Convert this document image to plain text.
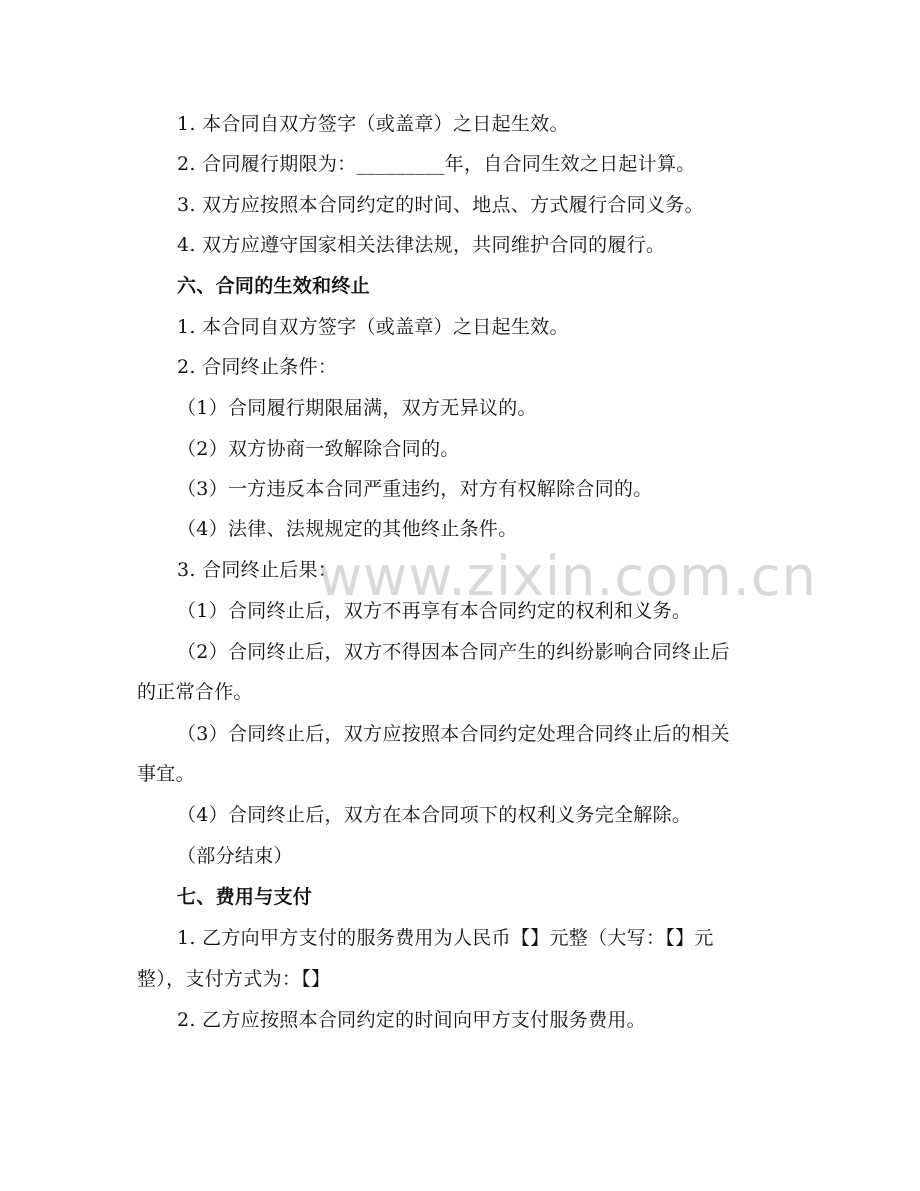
www.zixin.com.cn
1. 本合同自双方签字（或盖章）之日起生效。
2. 合同履行期限为：_________年，自合同生效之日起计算。
3. 双方应按照本合同约定的时间、地点、方式履行合同义务。
4. 双方应遵守国家相关法律法规，共同维护合同的履行。
六、合同的生效和终止
1. 本合同自双方签字（或盖章）之日起生效。
2. 合同终止条件：
（1）合同履行期限届满，双方无异议的。
（2）双方协商一致解除合同的。
（3）一方违反本合同严重违约，对方有权解除合同的。
（4）法律、法规规定的其他终止条件。
3. 合同终止后果：
（1）合同终止后，双方不再享有本合同约定的权利和义务。
（2）合同终止后，双方不得因本合同产生的纠纷影响合同终止后
的正常合作。
（3）合同终止后，双方应按照本合同约定处理合同终止后的相关
事宜。
（4）合同终止后，双方在本合同项下的权利义务完全解除。
（部分结束）
七、费用与支付
1. 乙方向甲方支付的服务费用为人民币【】元整（大写：【】元
整），支付方式为：【】
2. 乙方应按照本合同约定的时间向甲方支付服务费用。
